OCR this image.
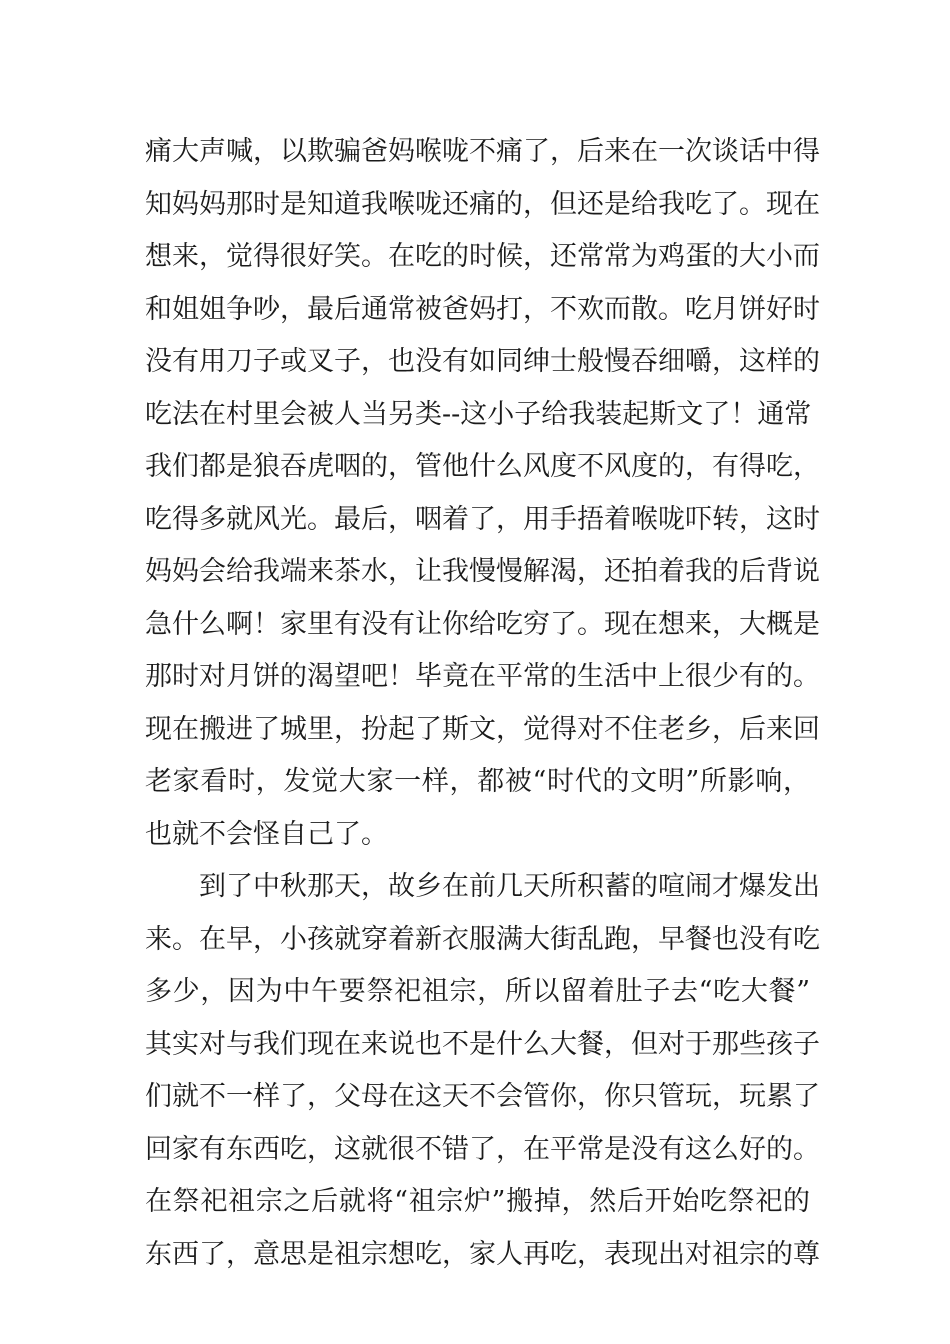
痛大声喊，以欺骗爸妈喉咙不痛了，后来在一次谈话中得
知妈妈那时是知道我喉咙还痛的，但还是给我吃了。现在
想来，觉得很好笑。在吃的时候，还常常为鸡蛋的大小而
和姐姐争吵，最后通常被爸妈打，不欢而散。吃月饼好时
没有用刀子或叉子，也没有如同绅士般慢吞细嚼，这样的
吃法在村里会被人当另类--这小子给我装起斯文了！通常
我们都是狼吞虎咽的，管他什么风度不风度的，有得吃，
吃得多就风光。最后，咽着了，用手捂着喉咙吓转，这时
妈妈会给我端来茶水，让我慢慢解渴，还拍着我的后背说
急什么啊！家里有没有让你给吃穷了。现在想来，大概是
那时对月饼的渴望吧！毕竟在平常的生活中上很少有的。
现在搬进了城里，扮起了斯文，觉得对不住老乡，后来回
老家看时，发觉大家一样，都被“时代的文明”所影响，
也就不会怪自己了。
到了中秋那天，故乡在前几天所积蓄的喧闹才爆发出
来。在早，小孩就穿着新衣服满大街乱跑，早餐也没有吃
多少，因为中午要祭祀祖宗，所以留着肚子去“吃大餐”
其实对与我们现在来说也不是什么大餐，但对于那些孩子
们就不一样了，父母在这天不会管你，你只管玩，玩累了
回家有东西吃，这就很不错了，在平常是没有这么好的。
在祭祀祖宗之后就将“祖宗炉”搬掉，然后开始吃祭祀的
东西了，意思是祖宗想吃，家人再吃，表现出对祖宗的尊
